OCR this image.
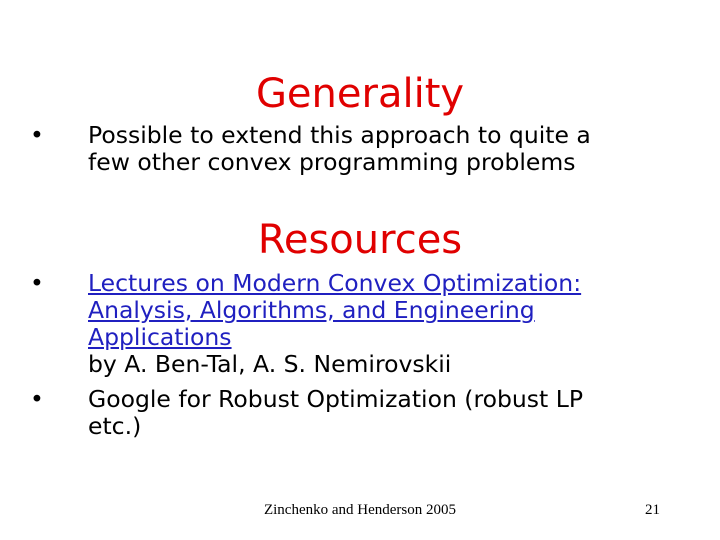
Generality
•	Possible to extend this approach to quite a
few other convex programming problems
Resources
•	Lectures on Modern Convex Optimization:
Analysis, Algorithms, and Engineering
Applications
by A. Ben-Tal, A. S. Nemirovskii
•	Google for Robust Optimization (robust LP
etc.)
Zinchenko and Henderson 2005	21
